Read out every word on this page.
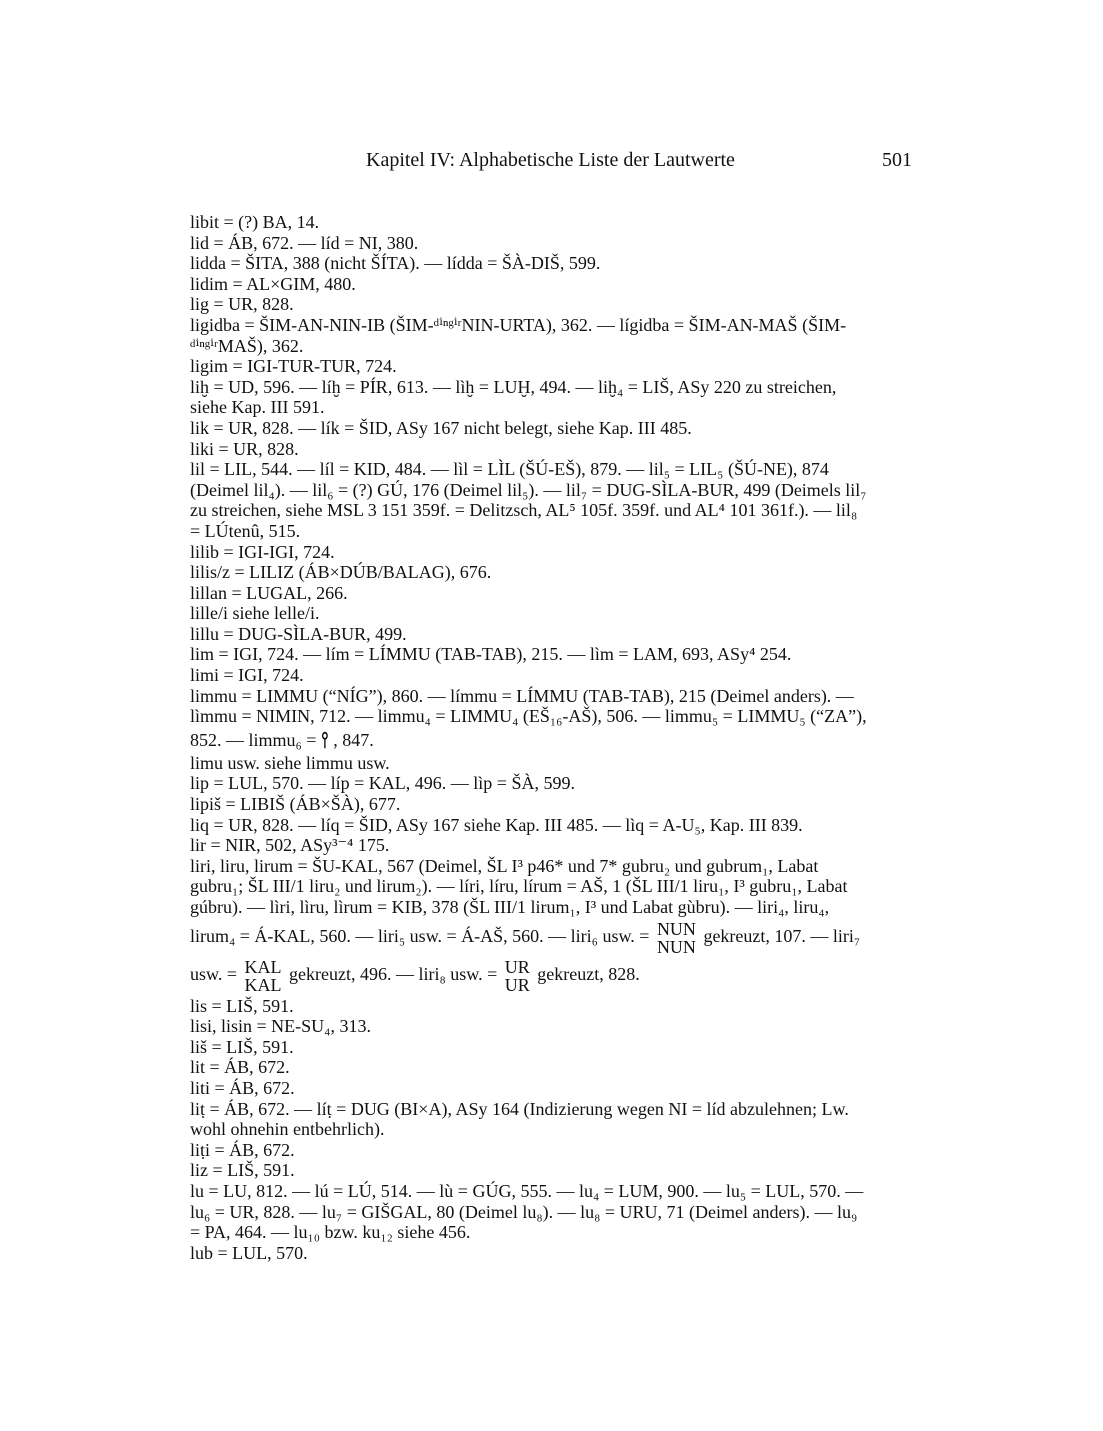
Kapitel IV: Alphabetische Liste der Lautwerte	501
libit = (?) BA, 14.
lid = ÁB, 672. — líd = NI, 380.
lidda = ŠITA, 388 (nicht ŠÍTA). — lídda = ŠÀ-DIŠ, 599.
lidim = AL×GIM, 480.
lig = UR, 828.
ligidba = ŠIM-AN-NIN-IB (ŠIM-ᵈⁱⁿᵍⁱʳNIN-URTA), 362. — lígidba = ŠIM-AN-MAŠ (ŠIM-
ᵈⁱⁿᵍⁱʳMAŠ), 362.
ligim = IGI-TUR-TUR, 724.
liḫ = UD, 596. — líḫ = PÍR, 613. — lìḫ = LUḪ, 494. — liḫ₄ = LIŠ, ASy 220 zu streichen,
siehe Kap. III 591.
lik = UR, 828. — lík = ŠID, ASy 167 nicht belegt, siehe Kap. III 485.
liki = UR, 828.
lil = LIL, 544. — líl = KID, 484. — lìl = LÌL (ŠÚ-EŠ), 879. — lil₅ = LIL₅ (ŠÚ-NE), 874
(Deimel lil₄). — lil₆ = (?) GÚ, 176 (Deimel lil₅). — lil₇ = DUG-SÌLA-BUR, 499 (Deimels lil₇
zu streichen, siehe MSL 3 151 359f. = Delitzsch, AL⁵ 105f. 359f. und AL⁴ 101 361f.). — lil₈
= LÚtenû, 515.
lilib = IGI-IGI, 724.
lilis/z = LILIZ (ÁB×DÚB/BALAG), 676.
lillan = LUGAL, 266.
lille/i siehe lelle/i.
lillu = DUG-SÌLA-BUR, 499.
lim = IGI, 724. — lím = LÍMMU (TAB-TAB), 215. — lìm = LAM, 693, ASy⁴ 254.
limi = IGI, 724.
limmu = LIMMU (“NÍG”), 860. — límmu = LÍMMU (TAB-TAB), 215 (Deimel anders). —
lìmmu = NIMIN, 712. — limmu₄ = LIMMU₄ (EŠ₁₆-AŠ), 506. — limmu₅ = LIMMU₅ (“ZA”),
852. — limmu₆ = ⫯ , 847.
limu usw. siehe limmu usw.
lip = LUL, 570. — líp = KAL, 496. — lìp = ŠÀ, 599.
lipiš = LIBIŠ (ÁB×ŠÀ), 677.
liq = UR, 828. — líq = ŠID, ASy 167 siehe Kap. III 485. — lìq = A-U₅, Kap. III 839.
lir = NIR, 502, ASy³⁻⁴ 175.
liri, liru, lirum = ŠU-KAL, 567 (Deimel, ŠL I³ p46* und 7* gubru₂ und gubrum₁, Labat
gubru₁; ŠL III/1 liru₂ und lirum₂). — líri, líru, lírum = AŠ, 1 (ŠL III/1 liru₁, I³ gubru₁, Labat
gúbru). — lìri, lìru, lìrum = KIB, 378 (ŠL III/1 lirum₁, I³ und Labat gùbru). — liri₄, liru₄,
lirum₄ = Á-KAL, 560. — liri₅ usw. = Á-AŠ, 560. — liri₆ usw. = NUN
NUN
gekreuzt, 107. — liri₇
usw. = KAL
KAL
gekreuzt, 496. — liri₈ usw. = UR
UR
gekreuzt, 828.
lis = LIŠ, 591.
lisi, lisin = NE-SU₄, 313.
liš = LIŠ, 591.
lit = ÁB, 672.
liti = ÁB, 672.
liṭ = ÁB, 672. — líṭ = DUG (BI×A), ASy 164 (Indizierung wegen NI = líd abzulehnen; Lw.
wohl ohnehin entbehrlich).
liṭi = ÁB, 672.
liz = LIŠ, 591.
lu = LU, 812. — lú = LÚ, 514. — lù = GÚG, 555. — lu₄ = LUM, 900. — lu₅ = LUL, 570. —
lu₆ = UR, 828. — lu₇ = GIŠGAL, 80 (Deimel lu₈). — lu₈ = URU, 71 (Deimel anders). — lu₉
= PA, 464. — lu₁₀ bzw. ku₁₂ siehe 456.
lub = LUL, 570.
